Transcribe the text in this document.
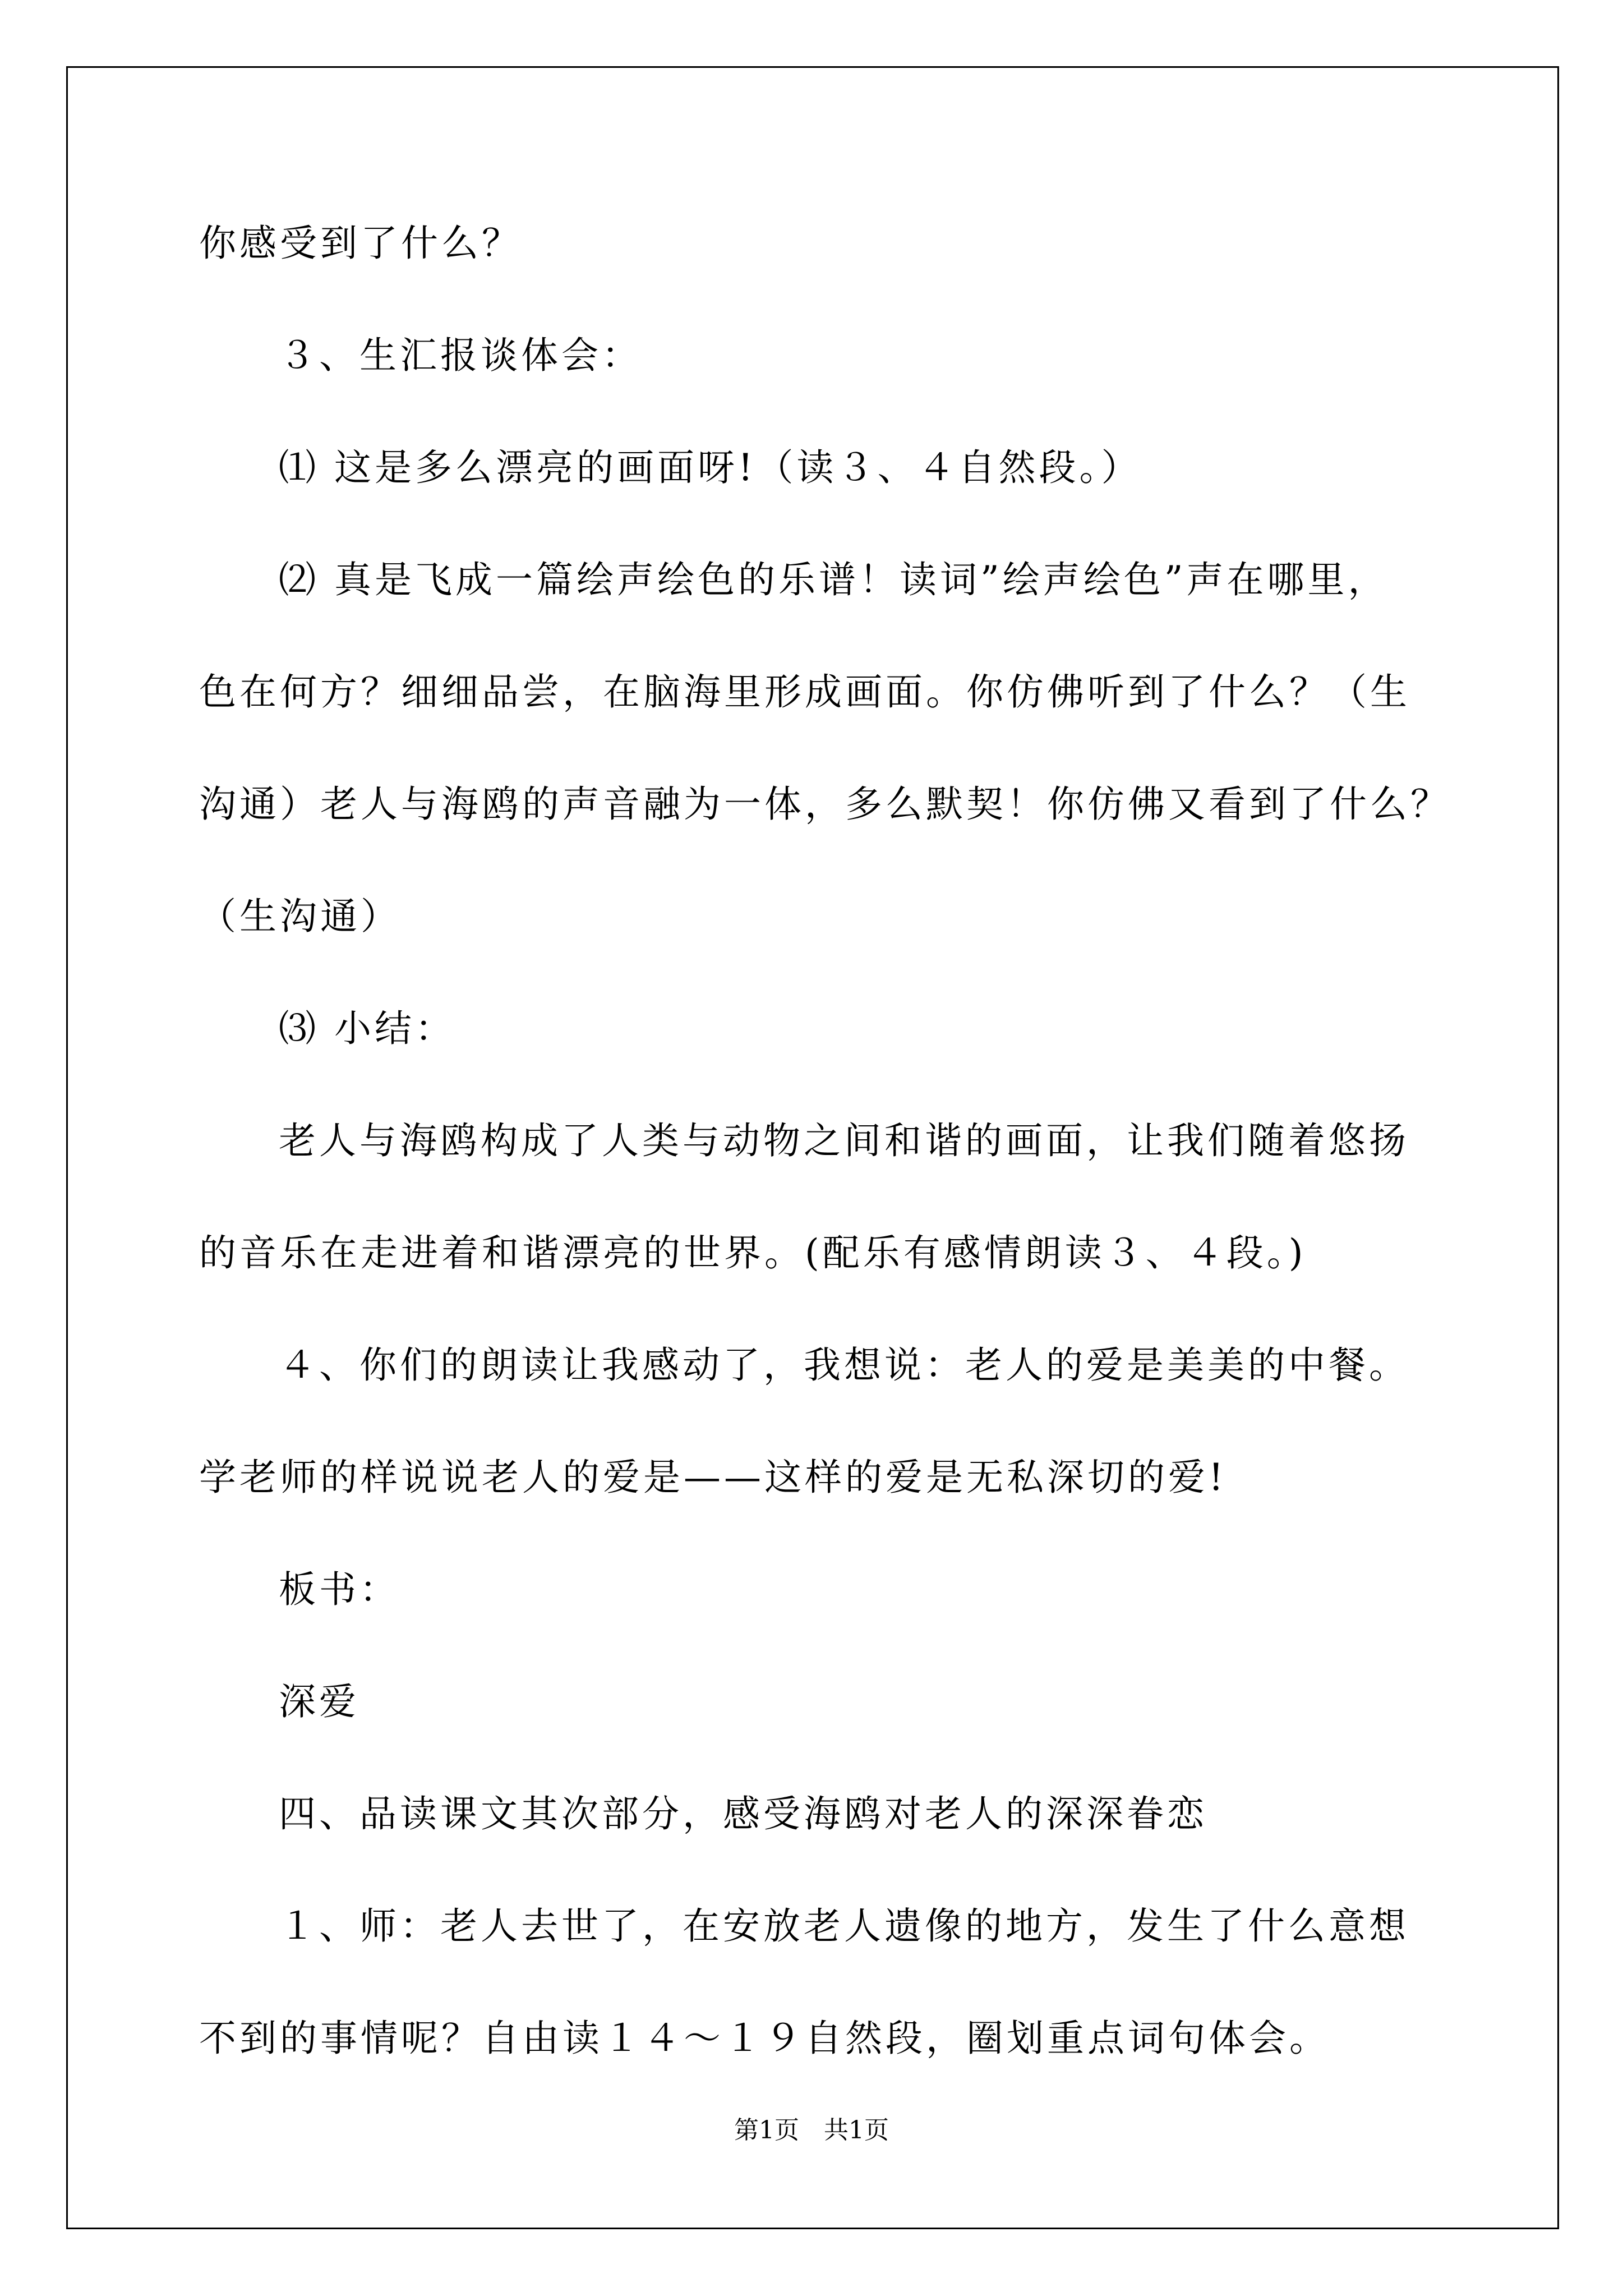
你感受到了什么？
３、生汇报谈体会：
⑴ 这是多么漂亮的画面呀!（读３、４自然段。）
⑵ 真是飞成一篇绘声绘色的乐谱！读词”绘声绘色”声在哪里，
色在何方？细细品尝，在脑海里形成画面。你仿佛听到了什么？（生
沟通）老人与海鸥的声音融为一体，多么默契！你仿佛又看到了什么？
（生沟通）
⑶ 小结：
老人与海鸥构成了人类与动物之间和谐的画面，让我们随着悠扬
的音乐在走进着和谐漂亮的世界。(配乐有感情朗读３、４段。)
４、你们的朗读让我感动了，我想说：老人的爱是美美的中餐。
学老师的样说说老人的爱是——这样的爱是无私深切的爱!
板书：
深爱
四、品读课文其次部分，感受海鸥对老人的深深眷恋
１、师：老人去世了，在安放老人遗像的地方，发生了什么意想
不到的事情呢？自由读１４～１９自然段，圈划重点词句体会。
第1页　共1页
